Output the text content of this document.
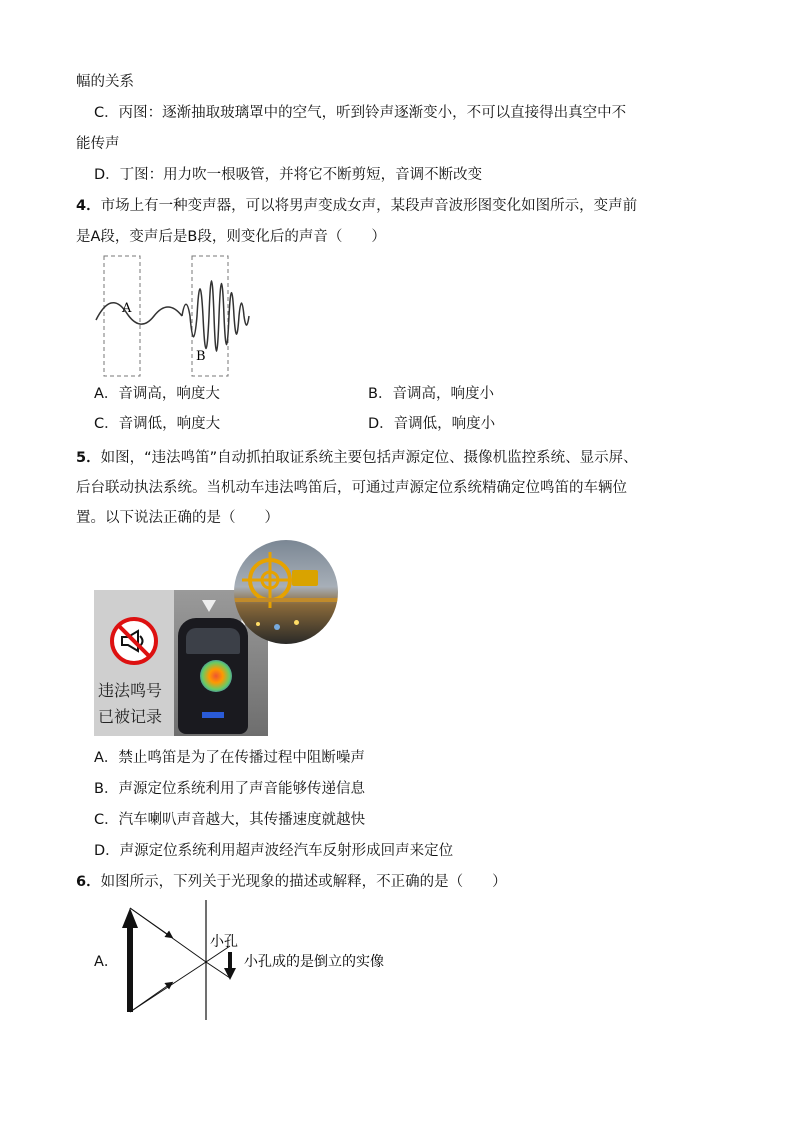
幅的关系
C．丙图：逐渐抽取玻璃罩中的空气，听到铃声逐渐变小，不可以直接得出真空中不
能传声
D．丁图：用力吹一根吸管，并将它不断剪短，音调不断改变
4．市场上有一种变声器，可以将男声变成女声，某段声音波形图变化如图所示，变声前
是A段，变声后是B段，则变化后的声音（　　）
A
B
A．音调高，响度大	B．音调高，响度小
C．音调低，响度大	D．音调低，响度小
5．如图，“违法鸣笛”自动抓拍取证系统主要包括声源定位、摄像机监控系统、显示屏、
后台联动执法系统。当机动车违法鸣笛后，可通过声源定位系统精确定位鸣笛的车辆位
置。以下说法正确的是（　　）
违法鸣号
已被记录
A．禁止鸣笛是为了在传播过程中阻断噪声
B．声源定位系统利用了声音能够传递信息
C．汽车喇叭声音越大，其传播速度就越快
D．声源定位系统利用超声波经汽车反射形成回声来定位
6．如图所示，下列关于光现象的描述或解释，不正确的是（　　）
A．
小孔
小孔成的是倒立的实像
